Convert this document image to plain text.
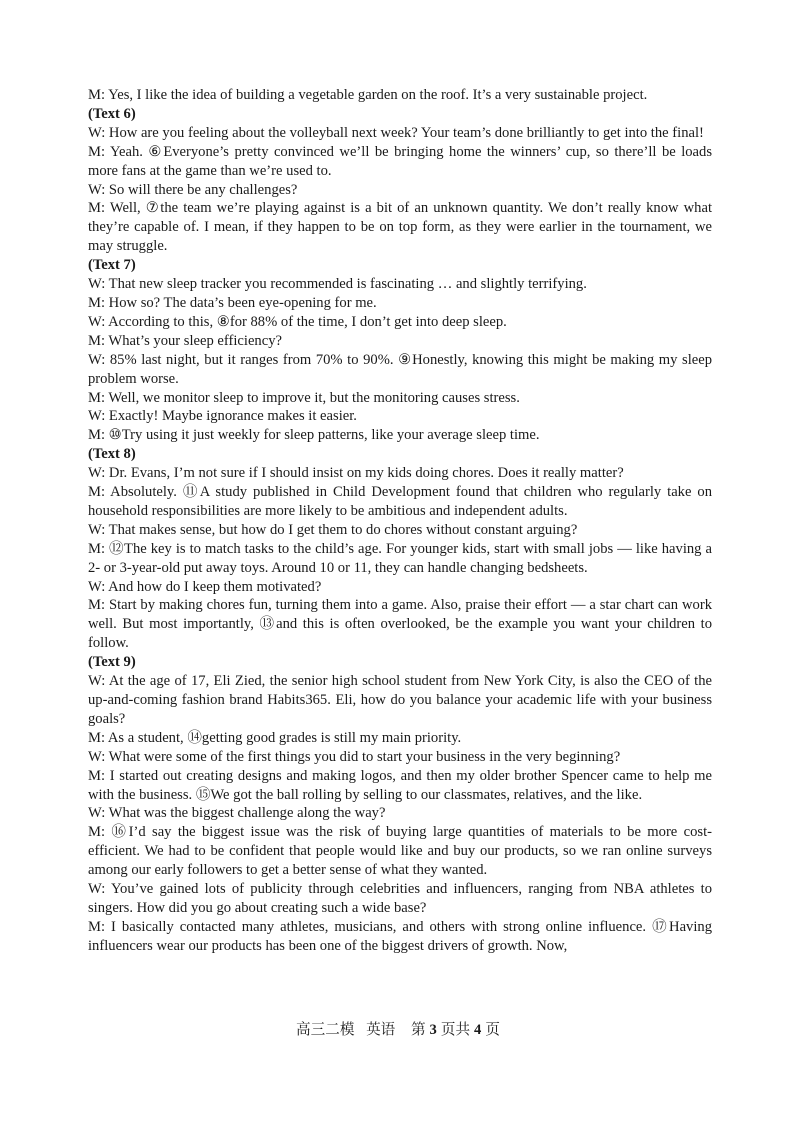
M: Yes, I like the idea of building a vegetable garden on the roof. It’s a very sustainable project.

(Text 6)

W: How are you feeling about the volleyball next week? Your team’s done brilliantly to get into the final!

M: Yeah. ⑥Everyone’s pretty convinced we’ll be bringing home the winners’ cup, so there’ll be loads more fans at the game than we’re used to.

W: So will there be any challenges?

M: Well, ⑦the team we’re playing against is a bit of an unknown quantity. We don’t really know what they’re capable of. I mean, if they happen to be on top form, as they were earlier in the tournament, we may struggle.

(Text 7)

W: That new sleep tracker you recommended is fascinating … and slightly terrifying.

M: How so? The data’s been eye-opening for me.

W: According to this, ⑧for 88% of the time, I don’t get into deep sleep.

M: What’s your sleep efficiency?

W: 85% last night, but it ranges from 70% to 90%. ⑨Honestly, knowing this might be making my sleep problem worse.

M: Well, we monitor sleep to improve it, but the monitoring causes stress.

W: Exactly! Maybe ignorance makes it easier.

M: ⑩Try using it just weekly for sleep patterns, like your average sleep time.

(Text 8)

W: Dr. Evans, I’m not sure if I should insist on my kids doing chores. Does it really matter?

M: Absolutely. ⑪A study published in Child Development found that children who regularly take on household responsibilities are more likely to be ambitious and independent adults.

W: That makes sense, but how do I get them to do chores without constant arguing?

M: ⑫The key is to match tasks to the child’s age. For younger kids, start with small jobs — like having a 2- or 3-year-old put away toys. Around 10 or 11, they can handle changing bedsheets.

W: And how do I keep them motivated?

M: Start by making chores fun, turning them into a game. Also, praise their effort — a star chart can work well. But most importantly, ⑬and this is often overlooked, be the example you want your children to follow.

(Text 9)

W: At the age of 17, Eli Zied, the senior high school student from New York City, is also the CEO of the up-and-coming fashion brand Habits365. Eli, how do you balance your academic life with your business goals?

M: As a student, ⑭getting good grades is still my main priority.

W: What were some of the first things you did to start your business in the very beginning?

M: I started out creating designs and making logos, and then my older brother Spencer came to help me with the business. ⑮We got the ball rolling by selling to our classmates, relatives, and the like.

W: What was the biggest challenge along the way?

M: ⑯I’d say the biggest issue was the risk of buying large quantities of materials to be more cost-efficient. We had to be confident that people would like and buy our products, so we ran online surveys among our early followers to get a better sense of what they wanted.

W: You’ve gained lots of publicity through celebrities and influencers, ranging from NBA athletes to singers. How did you go about creating such a wide base?

M: I basically contacted many athletes, musicians, and others with strong online influence. ⑰Having influencers wear our products has been one of the biggest drivers of growth. Now,

高三二模 英语 第 3 页共 4 页
